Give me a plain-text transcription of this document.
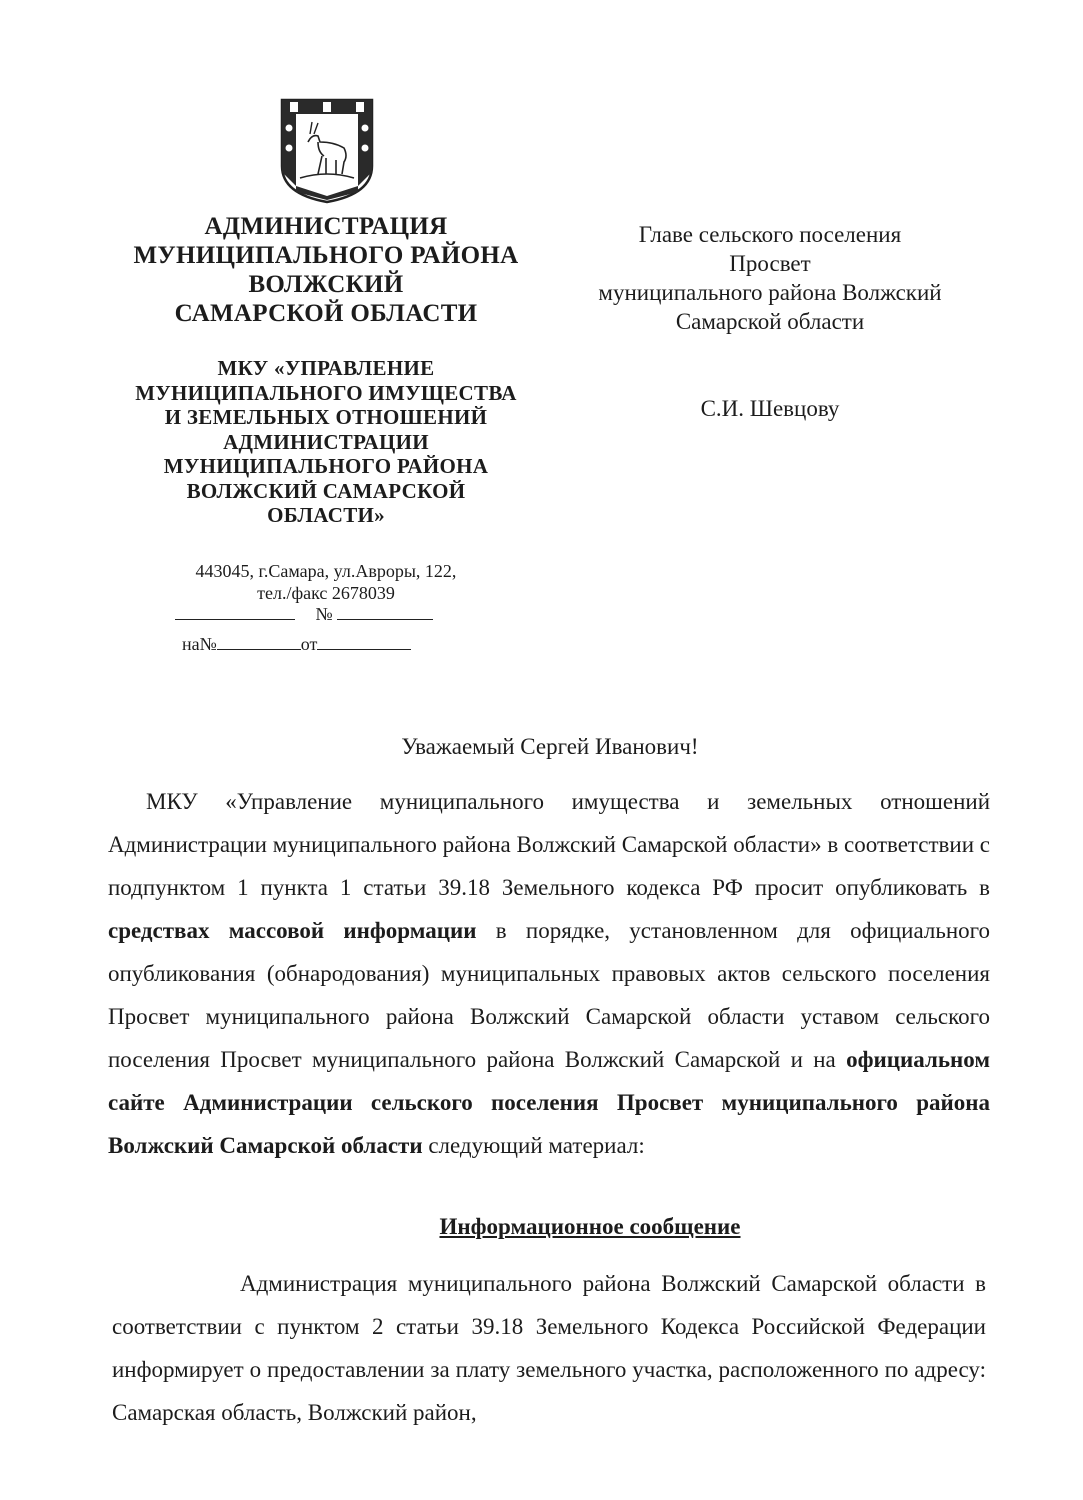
АДМИНИСТРАЦИЯ
МУНИЦИПАЛЬНОГО РАЙОНА
ВОЛЖСКИЙ
САМАРСКОЙ ОБЛАСТИ
МКУ «УПРАВЛЕНИЕ
МУНИЦИПАЛЬНОГО ИМУЩЕСТВА
И ЗЕМЕЛЬНЫХ ОТНОШЕНИЙ
АДМИНИСТРАЦИИ
МУНИЦИПАЛЬНОГО РАЙОНА
ВОЛЖСКИЙ САМАРСКОЙ
ОБЛАСТИ»
443045, г.Самара, ул.Авроры, 122,
тел./факс 2678039
№
на№	от
Главе сельского поселения
Просвет
муниципального района Волжский
Самарской области
С.И. Шевцову
Уважаемый Сергей Иванович!
МКУ «Управление муниципального имущества и земельных отношений Администрации муниципального района Волжский Самарской области» в соответствии с подпунктом 1 пункта 1 статьи 39.18 Земельного кодекса РФ просит опубликовать в средствах массовой информации в порядке, установленном для официального опубликования (обнародования) муниципальных правовых актов сельского поселения Просвет муниципального района Волжский Самарской области уставом сельского поселения Просвет муниципального района Волжский Самарской и на официальном сайте Администрации сельского поселения Просвет муниципального района Волжский Самарской области следующий материал:
Информационное сообщение
Администрация муниципального района Волжский Самарской области в соответствии с пунктом 2 статьи 39.18 Земельного Кодекса Российской Федерации информирует о предоставлении за плату земельного участка, расположенного по адресу: Самарская область, Волжский район,
